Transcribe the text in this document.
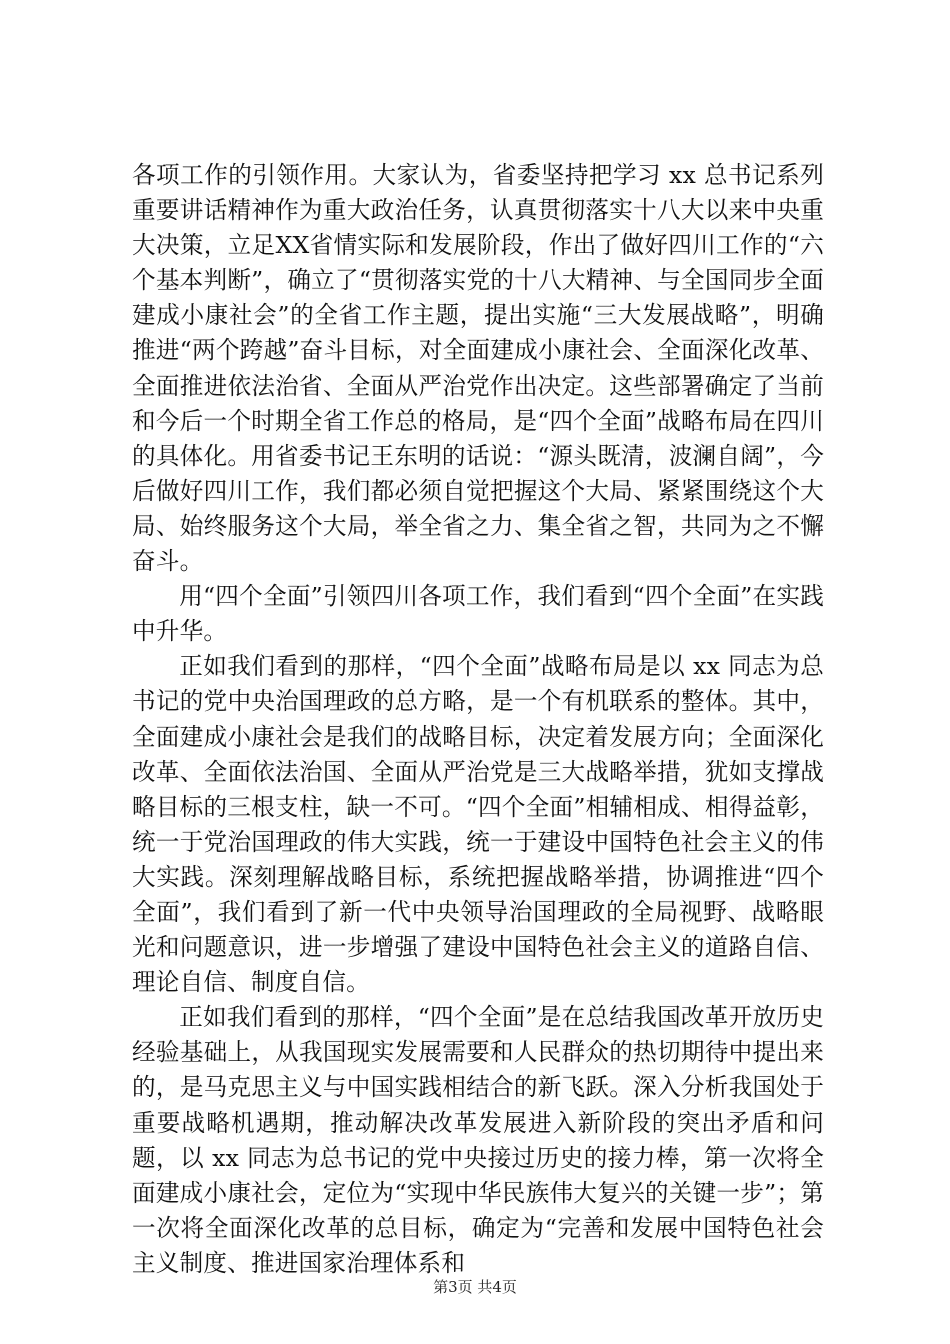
各项工作的引领作用。大家认为，省委坚持把学习 xx 总书记系列重要讲话精神作为重大政治任务，认真贯彻落实十八大以来中央重大决策，立足XX省情实际和发展阶段，作出了做好四川工作的“六个基本判断”，确立了“贯彻落实党的十八大精神、与全国同步全面建成小康社会”的全省工作主题，提出实施“三大发展战略”，明确推进“两个跨越”奋斗目标，对全面建成小康社会、全面深化改革、全面推进依法治省、全面从严治党作出决定。这些部署确定了当前和今后一个时期全省工作总的格局，是“四个全面”战略布局在四川的具体化。用省委书记王东明的话说：“源头既清，波澜自阔”，今后做好四川工作，我们都必须自觉把握这个大局、紧紧围绕这个大局、始终服务这个大局，举全省之力、集全省之智，共同为之不懈奋斗。

用“四个全面”引领四川各项工作，我们看到“四个全面”在实践中升华。

正如我们看到的那样，“四个全面”战略布局是以 xx 同志为总书记的党中央治国理政的总方略，是一个有机联系的整体。其中，全面建成小康社会是我们的战略目标，决定着发展方向；全面深化改革、全面依法治国、全面从严治党是三大战略举措，犹如支撑战略目标的三根支柱，缺一不可。“四个全面”相辅相成、相得益彰，统一于党治国理政的伟大实践，统一于建设中国特色社会主义的伟大实践。深刻理解战略目标，系统把握战略举措，协调推进“四个全面”，我们看到了新一代中央领导治国理政的全局视野、战略眼光和问题意识，进一步增强了建设中国特色社会主义的道路自信、理论自信、制度自信。

正如我们看到的那样，“四个全面”是在总结我国改革开放历史经验基础上，从我国现实发展需要和人民群众的热切期待中提出来的，是马克思主义与中国实践相结合的新飞跃。深入分析我国处于重要战略机遇期，推动解决改革发展进入新阶段的突出矛盾和问题，以 xx 同志为总书记的党中央接过历史的接力棒，第一次将全面建成小康社会，定位为“实现中华民族伟大复兴的关键一步”；第一次将全面深化改革的总目标，确定为“完善和发展中国特色社会主义制度、推进国家治理体系和

第3页 共4页
